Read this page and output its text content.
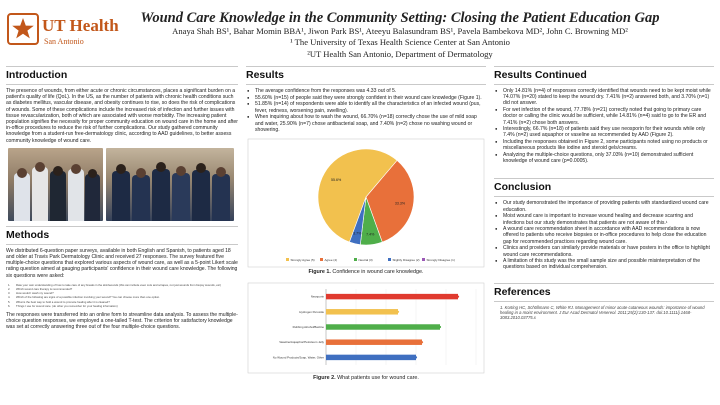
UT Health
San Antonio
Wound Care Knowledge in the Community Setting: Closing the Patient Education Gap
Anaya Shah BS¹, Bahar Momin BBA¹, Jiwon Park BS¹, Ateeyu Balasundram BS¹, Pavela Bambekova MD², John C. Browning MD²
¹ The University of Texas Health Science Center at San Antonio
²UT Health San Antonio, Department of Dermatology
Introduction
The presence of wounds, from either acute or chronic circumstances, places a significant burden on a patient's quality of life (QoL). In the US, as the number of patients with chronic health conditions such as diabetes mellitus, vascular disease, and obesity continues to rise, so does the risk of complications of wounds. Some of these complications include the increased risk of infection and further issues with tissue revascularization, both of which are associated with worse morbidity. The increasing patient population signifies the necessity for proper community education on wound care in the home and after in-office procedures to reduce the risk of further complications. Our study gathered community knowledge from a student-run free-dermatology clinic, according to AAD guidelines, to better assess community knowledge of wound care.
Methods
We distributed 6-question paper surveys, available in both English and Spanish, to patients aged 18 and older at Travis Park Dermatology Clinic and received 27 responses. The survey featured five multiple-choice questions that explored various aspects of wound care, as well as a 5-point Likert scale rating question aimed at gauging participants' confidence in their wound care knowledge. The following six questions were asked:
1. Rate your own understanding of how to take care of any breaks in the skin/wounds (this can include even cuts and scrapes, not just wounds from biopsy wounds, etc)
2. Which wound care therapy is recommended?
3. How would I wash my wound?
4. Which of the following are signs of a possible infection involving your wound? You can choose more than one option.
5. What is the best way to hold a wound to promote healing after it is cleaned?
6. Things I use for wound care. (do other you remember for your healing information)
The responses were transferred into an online form to streamline data analysis. To assess the multiple-choice question responses, we employed a one-tailed T-test. The criterion for satisfactory knowledge was set at correctly answering three out of the four multiple-choice questions.
Results
● The average confidence from the responses was 4.33 out of 5.
● 55.60% (n=15) of people said they were strongly confident in their wound care knowledge (Figure 1).
● 51.85% (n=14) of respondents were able to identify all the characteristics of an infected wound (pus, fever, redness, worsening pain, swelling).
● When inquiring about how to wash the wound, 66.70% (n=18) correctly chose the use of mild soap and water, 25.90% (n=7) chose antibacterial soap, and 7.40% (n=2) chose no washing wound or showering.
55.6%
33.3%
7.4%
3.7%
Strongly Agree (5)	Agree (4)	Neutral (3)	Slightly Disagree (2) Strongly Disagree (1)
Figure 1. Confidence in wound care knowledge.
Neosporin
Hydrogen Peroxide
Rubbing Alcohol/Bactine
Vaseline/Aquaphor/Petroleum Jelly
No Wound Products/Soap, Water, Other
Figure 2. What patients use for wound care.
Results Continued
● Only 14.81% (n=4) of responses correctly identified that wounds need to be kept moist while 74.07% (n=20) stated to keep the wound dry. 7.41% (n=2) answered both, and 3.70% (n=1) did not answer.
● For wet infection of the wound, 77.78% (n=21) correctly noted that going to primary care doctor or calling the clinic would be sufficient, while 14.81% (n=4) said to go to the ER and 7.41% (n=2) chose both answers.
● Interestingly, 66.7% (n=18) of patients said they use neosporin for their wounds while only 7.4% (n=2) used aquaphor or vaseline as recommended by AAD (Figure 2).
● Including the responses obtained in Figure 2, some participants noted using no products or miscellaneous products like iodine and steroid gels/creams.
● Analyzing the multiple-choice questions, only 37.03% (n=10) demonstrated sufficient knowledge of wound care (p=0.0005).
Conclusion
● Our study demonstrated the importance of providing patients with standardized wound care education.
● Moist wound care is important to increase wound healing and decrease scarring and infections but our study demonstrates that patients are not aware of this.¹
● A wound care recommendation sheet in accordance with AAD recommendations is now offered to patients who receive biopsies or in-office procedures to help close the education gap for recommended practices regarding wound care.
● Clinics and providers can similarly provide materials or have posters in the office to highlight wound care recommendations.
● A limitation of this study was the small sample size and possible misinterpretation of the questions based on individual comprehension.
References
1. Korting HC, Schöllmann C, White RJ. Management of minor acute cutaneous wounds: importance of wound healing in a moist environment. J Eur Acad Dermatol Venereol. 2011;25(2):130-137. doi:10.1111/j.1468-3083.2010.03775.x
